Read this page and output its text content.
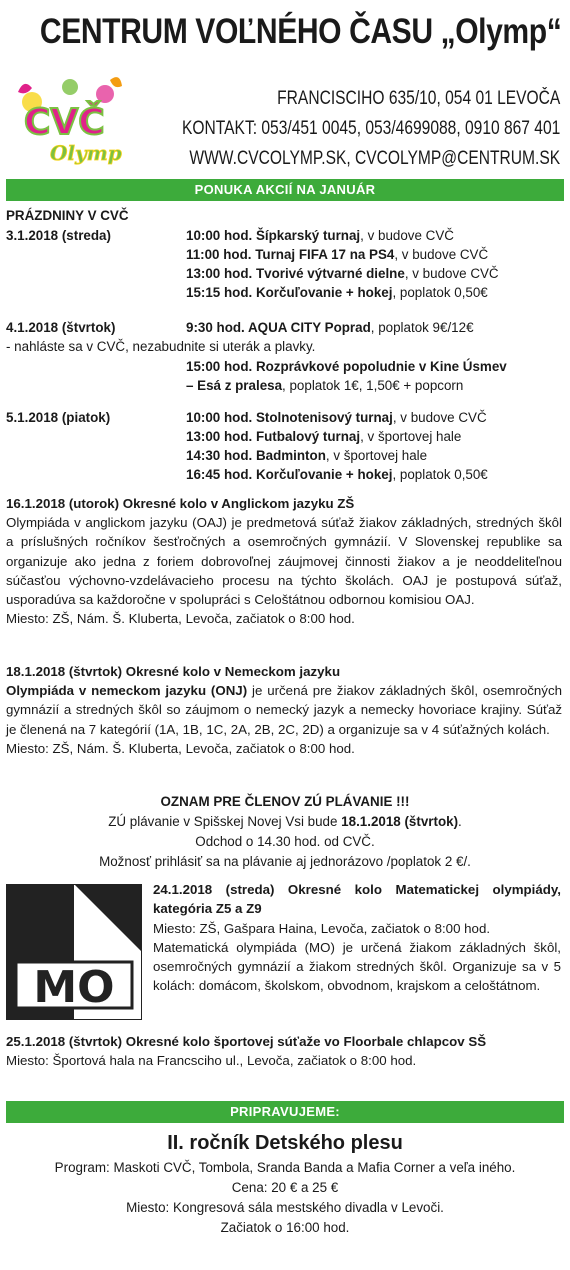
CENTRUM VOĽNÉHO ČASU „Olymp“
CVČ
Olymp
FRANCISCIHO 635/10, 054 01 LEVOČA
KONTAKT: 053/451 0045, 053/4699088, 0910 867 401
WWW.CVCOLYMP.SK, CVCOLYMP@CENTRUM.SK
PONUKA AKCIÍ NA JANUÁR
PRÁZDNINY V CVČ
3.1.2018 (streda)	10:00 hod. Šípkarský turnaj, v budove CVČ
11:00 hod. Turnaj FIFA 17 na PS4, v budove CVČ
13:00 hod. Tvorivé výtvarné dielne, v budove CVČ
15:15 hod. Korčuľovanie + hokej, poplatok 0,50€
4.1.2018 (štvrtok)	9:30 hod. AQUA CITY Poprad, poplatok 9€/12€
- nahláste sa v CVČ, nezabudnite si uterák a plavky.
15:00 hod. Rozprávkové popoludnie v Kine Úsmev
– Esá z pralesa, poplatok 1€, 1,50€ + popcorn
5.1.2018 (piatok)	10:00 hod. Stolnotenisový turnaj, v budove CVČ
13:00 hod. Futbalový turnaj, v športovej hale
14:30 hod. Badminton, v športovej hale
16:45 hod. Korčuľovanie + hokej, poplatok 0,50€

16.1.2018 (utorok) Okresné kolo v Anglickom jazyku ZŠ

Olympiáda v anglickom jazyku (OAJ) je predmetová súťaž žiakov základných, stredných škôl a príslušných ročníkov šesťročných a osemročných gymnázií. V Slovenskej republike sa organizuje ako jedna z foriem dobrovoľnej záujmovej činnosti žiakov a je neoddeliteľnou súčasťou výchovno-vzdelávacieho procesu na týchto školách. OAJ je postupová súťaž, usporadúva sa každoročne v spolupráci s Celoštátnou odbornou komisiou OAJ.

Miesto: ZŠ, Nám. Š. Kluberta, Levoča, začiatok o 8:00 hod.

18.1.2018 (štvrtok) Okresné kolo v Nemeckom jazyku

Olympiáda v nemeckom jazyku (ONJ) je určená pre žiakov základných škôl, osemročných gymnázií a stredných škôl so záujmom o nemecký jazyk a nemecky hovoriace krajiny. Súťaž je členená na 7 kategórií (1A, 1B, 1C, 2A, 2B, 2C, 2D) a organizuje sa v 4 súťažných kolách.

Miesto: ZŠ, Nám. Š. Kluberta, Levoča, začiatok o 8:00 hod.

OZNAM PRE ČLENOV ZÚ PLÁVANIE !!!
ZÚ plávanie v Spišskej Novej Vsi bude 18.1.2018 (štvrtok).
Odchod o 14.30 hod. od CVČ.
Možnosť prihlásiť sa na plávanie aj jednorázovo /poplatok 2 €/.
MO

24.1.2018 (streda) Okresné kolo Matematickej olympiády, kategória Z5 a Z9

Miesto: ZŠ, Gašpara Haina, Levoča, začiatok o 8:00 hod.

Matematická olympiáda (MO) je určená žiakom základných škôl, osemročných gymnázií a žiakom stredných škôl. Organizuje sa v 5 kolách: domácom, školskom, obvodnom, krajskom a celoštátnom.

25.1.2018 (štvrtok) Okresné kolo športovej súťaže vo Floorbale chlapcov SŠ

Miesto: Športová hala na Francsciho ul., Levoča, začiatok o 8:00 hod.

PRIPRAVUJEME:
II. ročník Detského plesu
Program: Maskoti CVČ, Tombola, Sranda Banda a Mafia Corner a veľa iného.
Cena: 20 € a 25 €
Miesto: Kongresová sála mestského divadla v Levoči.
Začiatok o 16:00 hod.
